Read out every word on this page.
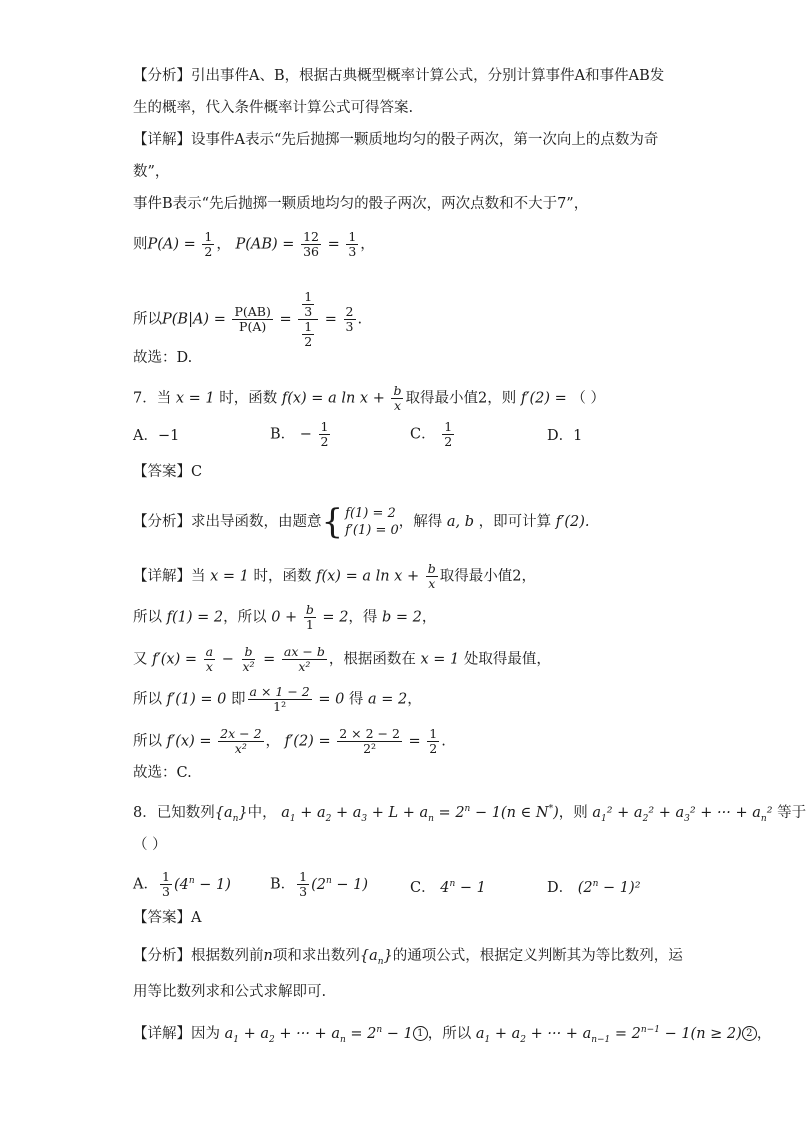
【分析】引出事件A、B，根据古典概型概率计算公式，分别计算事件A和事件AB发
生的概率，代入条件概率计算公式可得答案.
【详解】设事件A表示“先后抛掷一颗质地均匀的骰子两次，第一次向上的点数为奇
数”，
事件B表示“先后抛掷一颗质地均匀的骰子两次，两次点数和不大于7”，
则$P(A) = \frac{1}{2}$ ， $P(AB) = \frac{12}{36} = \frac{1}{3}$ ，
所以$P(B|A) = \frac{P(AB)}{P(A)} = \frac{\frac{1}{3}}{\frac{1}{2}} = \frac{2}{3}$ .
故选：D.
7．当 x = 1 时，函数 f(x) = a $\ln x + \frac{b}{x}$ 取得最小值2，则 f′(2) = （ ）
A．−1	B． − $\frac{1}{2}$	C． $\frac{1}{2}$	D．1
【答案】C
【分析】求出导函数，由题意 { f(1) = 2
f′(1) = 0
，解得 a, b ，即可计算 f′(2).
【详解】当 x = 1 时，函数 f(x) = a $\ln x + \frac{b}{x}$ 取得最小值2，
所以 f(1) = 2，所以 $0 + \frac{b}{1} = 2$，得 b = 2，
又 $f'(x) = \frac{a}{x} - \frac{b}{\text{x²}} = \frac{ax - b}{\text{x²}}$ ，根据函数在 x = 1 处取得最值，
所以 f′(1) = 0 即 $\frac{a \times 1 - 2}{\text{1²}} = 0$ 得 a = 2，
所以 $f'(x) = \frac{2x - 2}{\text{x²}}$ ， $f'(2) = \frac{2 \times 2 - 2}{\text{2²}} = \frac{1}{2}$ .
故选：C.
8．已知数列$\{a_n\}$中， $a_1 + a_2 + a_3 + L + a_n = 2^n - 1(n$ ∈ N*)，则 $a_1^2 + a_2^2 + a_3^2$ + ··· + $a_n^2$ 等于
（ ）
A． $\frac{1}{3} (4^n - 1)$	B． $\frac{1}{3} (2^n - 1)$	C． $4^n - 1$	D． $(2^n - 1)^2$
【答案】A
【分析】根据数列前n项和求出数列$\{a_n\}$的通项公式，根据定义判断其为等比数列，运
用等比数列求和公式求解即可.
【详解】因为 $a_1 + a_2$ + ··· + $a_n = 2^n - 1$ 1 ，所以 $a_1 + a_2$ + ··· + $a_{n-1} = 2^{n-1} - 1(n \ge 2)$ 2 ，
